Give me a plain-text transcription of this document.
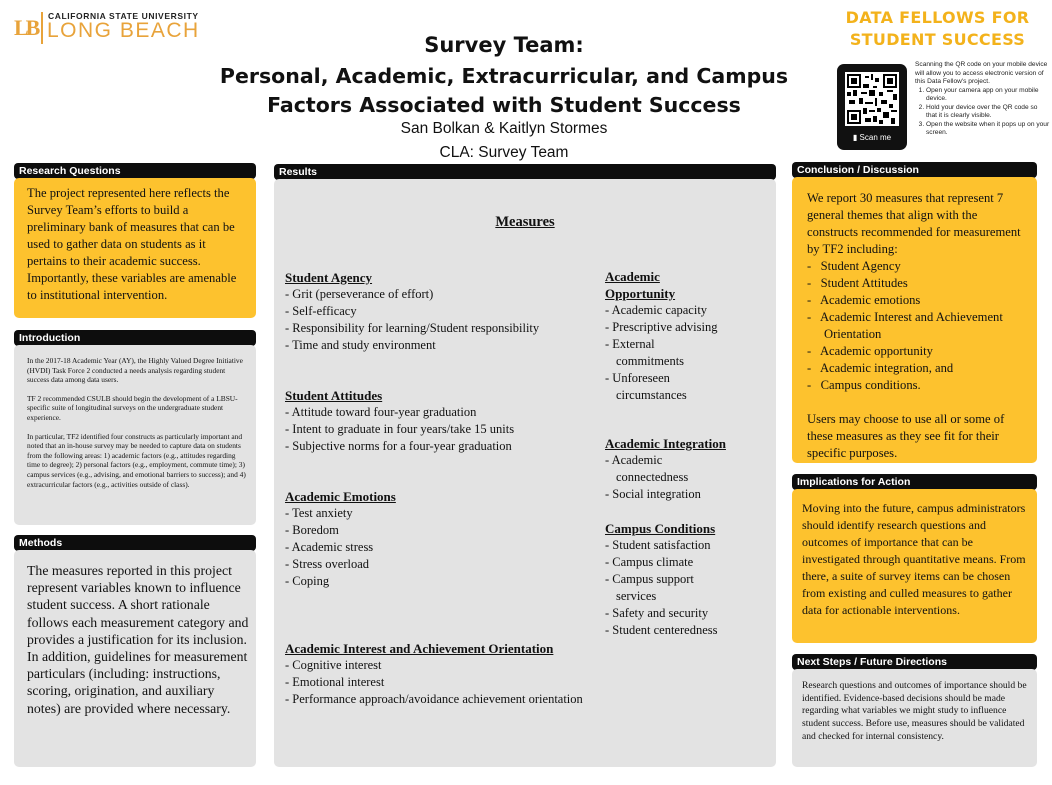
LB CALIFORNIA STATE UNIVERSITY
LONG BEACH
Survey Team:
Personal, Academic, Extracurricular, and Campus
Factors Associated with Student Success
San Bolkan & Kaitlyn Stormes
CLA: Survey Team
DATA FELLOWS FOR
STUDENT SUCCESS
▮ Scan me
Scanning the QR code on your mobile device will allow you to access electronic version of this Data Fellow's project.
1. Open your camera app on your mobile device.
2. Hold your device over the QR code so that it is clearly visible.
3. Open the website when it pops up on your screen.
Research Questions
The project represented here reflects the Survey Team’s efforts to build a preliminary bank of measures that can be used to gather data on students as it pertains to their academic success. Importantly, these variables are amenable to institutional intervention.
Introduction
In the 2017-18 Academic Year (AY), the Highly Valued Degree Initiative (HVDI) Task Force 2 conducted a needs analysis regarding student success data among data users.
TF 2 recommended CSULB should begin the development of a LBSU-specific suite of longitudinal surveys on the undergraduate student experience.
In particular, TF2 identified four constructs as particularly important and noted that an in-house survey may be needed to capture data on students from the following areas: 1) academic factors (e.g., attitudes regarding time to degree); 2) personal factors (e.g., employment, commute time); 3) campus services (e.g., advising, and emotional barriers to success); and 4) extracurricular factors (e.g., activities outside of class).
Methods
The measures reported in this project represent variables known to influence student success. A short rationale follows each measurement category and provides a justification for its inclusion. In addition, guidelines for measurement particulars (including: instructions, scoring, origination, and auxiliary notes) are provided where necessary.
Results
Measures
Student Agency
- Grit (perseverance of effort)
- Self-efficacy
- Responsibility for learning/Student responsibility
- Time and study environment
Student Attitudes
- Attitude toward four-year graduation
- Intent to graduate in four years/take 15 units
- Subjective norms for a four-year graduation
Academic Emotions
- Test anxiety
- Boredom
- Academic stress
- Stress overload
- Coping
Academic Interest and Achievement Orientation
- Cognitive interest
- Emotional interest
- Performance approach/avoidance achievement orientation
Academic Opportunity
- Academic capacity
- Prescriptive advising
- External commitments
- Unforeseen circumstances
Academic Integration
- Academic connectedness
- Social integration
Campus Conditions
- Student satisfaction
- Campus climate
- Campus support services
- Safety and security
- Student centeredness
Conclusion / Discussion
We report 30 measures that represent 7 general themes that align with the constructs recommended for measurement by TF2 including:
- Student Agency
- Student Attitudes
- Academic emotions
- Academic Interest and Achievement Orientation
- Academic opportunity
- Academic integration, and
- Campus conditions.
Users may choose to use all or some of these measures as they see fit for their specific purposes.
Implications for Action
Moving into the future, campus administrators should identify research questions and outcomes of importance that can be investigated through quantitative means. From there, a suite of survey items can be chosen from existing and culled measures to gather data for actionable interventions.
Next Steps / Future Directions
Research questions and outcomes of importance should be identified. Evidence-based decisions should be made regarding what variables we might study to influence student success. Before use, measures should be validated and checked for internal consistency.
